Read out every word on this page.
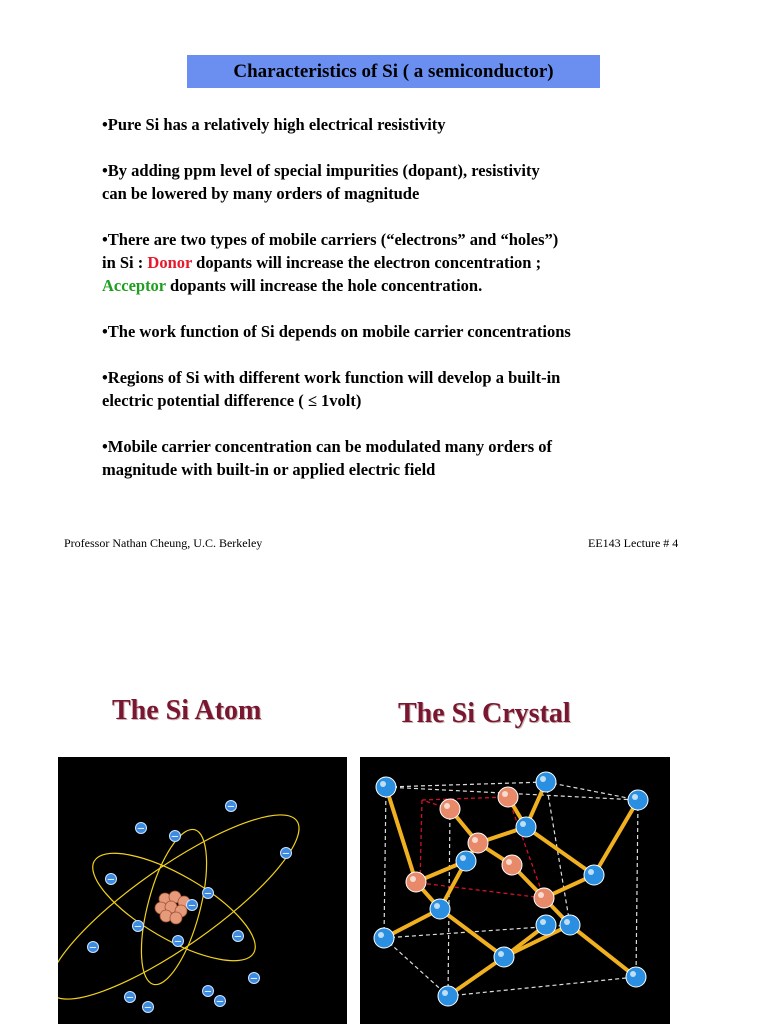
Characteristics of Si ( a semiconductor)
•Pure Si has a relatively high electrical resistivity
•By adding ppm level of special impurities (dopant), resistivity
can be lowered by many orders of magnitude
•There are two types of mobile carriers (“electrons” and “holes”)
in Si : Donor dopants will increase the electron concentration ;
Acceptor dopants will increase the hole concentration.
•The work function of Si depends on mobile carrier concentrations
•Regions of Si with different work function will develop a built-in
electric potential difference ( ≤ 1volt)
•Mobile carrier concentration can be modulated many orders of
magnitude with built-in or applied electric field
Professor Nathan Cheung, U.C. Berkeley	EE143 Lecture # 4
The Si Atom	The Si Crystal
−
−
−
−
−
−
−
−
−	−
−
−
−
−	−
−
